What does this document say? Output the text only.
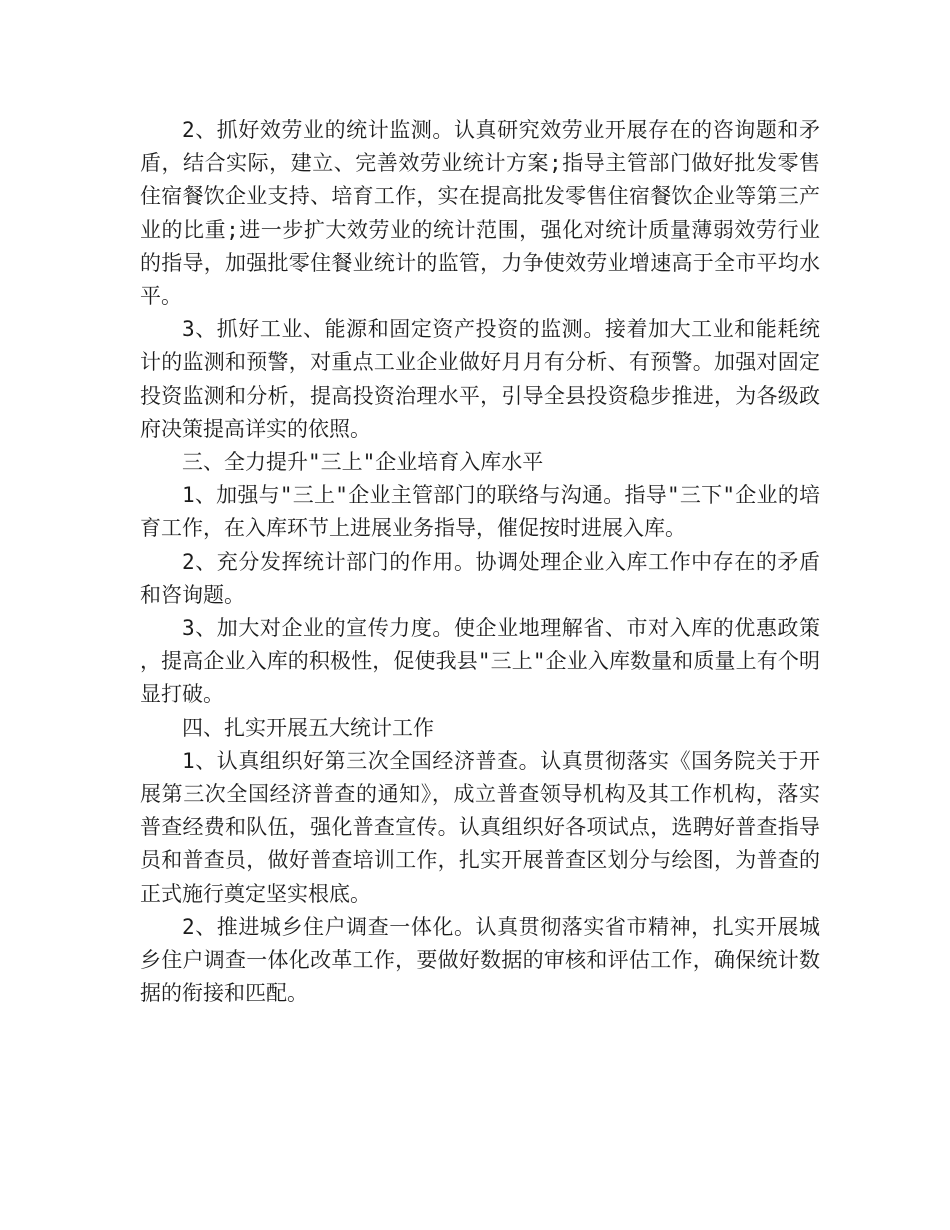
2、抓好效劳业的统计监测。认真研究效劳业开展存在的咨询题和矛盾，结合实际，建立、完善效劳业统计方案;指导主管部门做好批发零售住宿餐饮企业支持、培育工作，实在提高批发零售住宿餐饮企业等第三产业的比重;进一步扩大效劳业的统计范围，强化对统计质量薄弱效劳行业的指导，加强批零住餐业统计的监管，力争使效劳业增速高于全市平均水平。

3、抓好工业、能源和固定资产投资的监测。接着加大工业和能耗统计的监测和预警，对重点工业企业做好月月有分析、有预警。加强对固定投资监测和分析，提高投资治理水平，引导全县投资稳步推进，为各级政府决策提高详实的依照。

三、全力提升"三上"企业培育入库水平

1、加强与"三上"企业主管部门的联络与沟通。指导"三下"企业的培育工作，在入库环节上进展业务指导，催促按时进展入库。

2、充分发挥统计部门的作用。协调处理企业入库工作中存在的矛盾和咨询题。

3、加大对企业的宣传力度。使企业地理解省、市对入库的优惠政策，提高企业入库的积极性，促使我县"三上"企业入库数量和质量上有个明显打破。

四、扎实开展五大统计工作

1、认真组织好第三次全国经济普查。认真贯彻落实《国务院关于开展第三次全国经济普查的通知》，成立普查领导机构及其工作机构，落实普查经费和队伍，强化普查宣传。认真组织好各项试点，选聘好普查指导员和普查员，做好普查培训工作，扎实开展普查区划分与绘图，为普查的正式施行奠定坚实根底。

2、推进城乡住户调查一体化。认真贯彻落实省市精神，扎实开展城乡住户调查一体化改革工作，要做好数据的审核和评估工作，确保统计数据的衔接和匹配。
